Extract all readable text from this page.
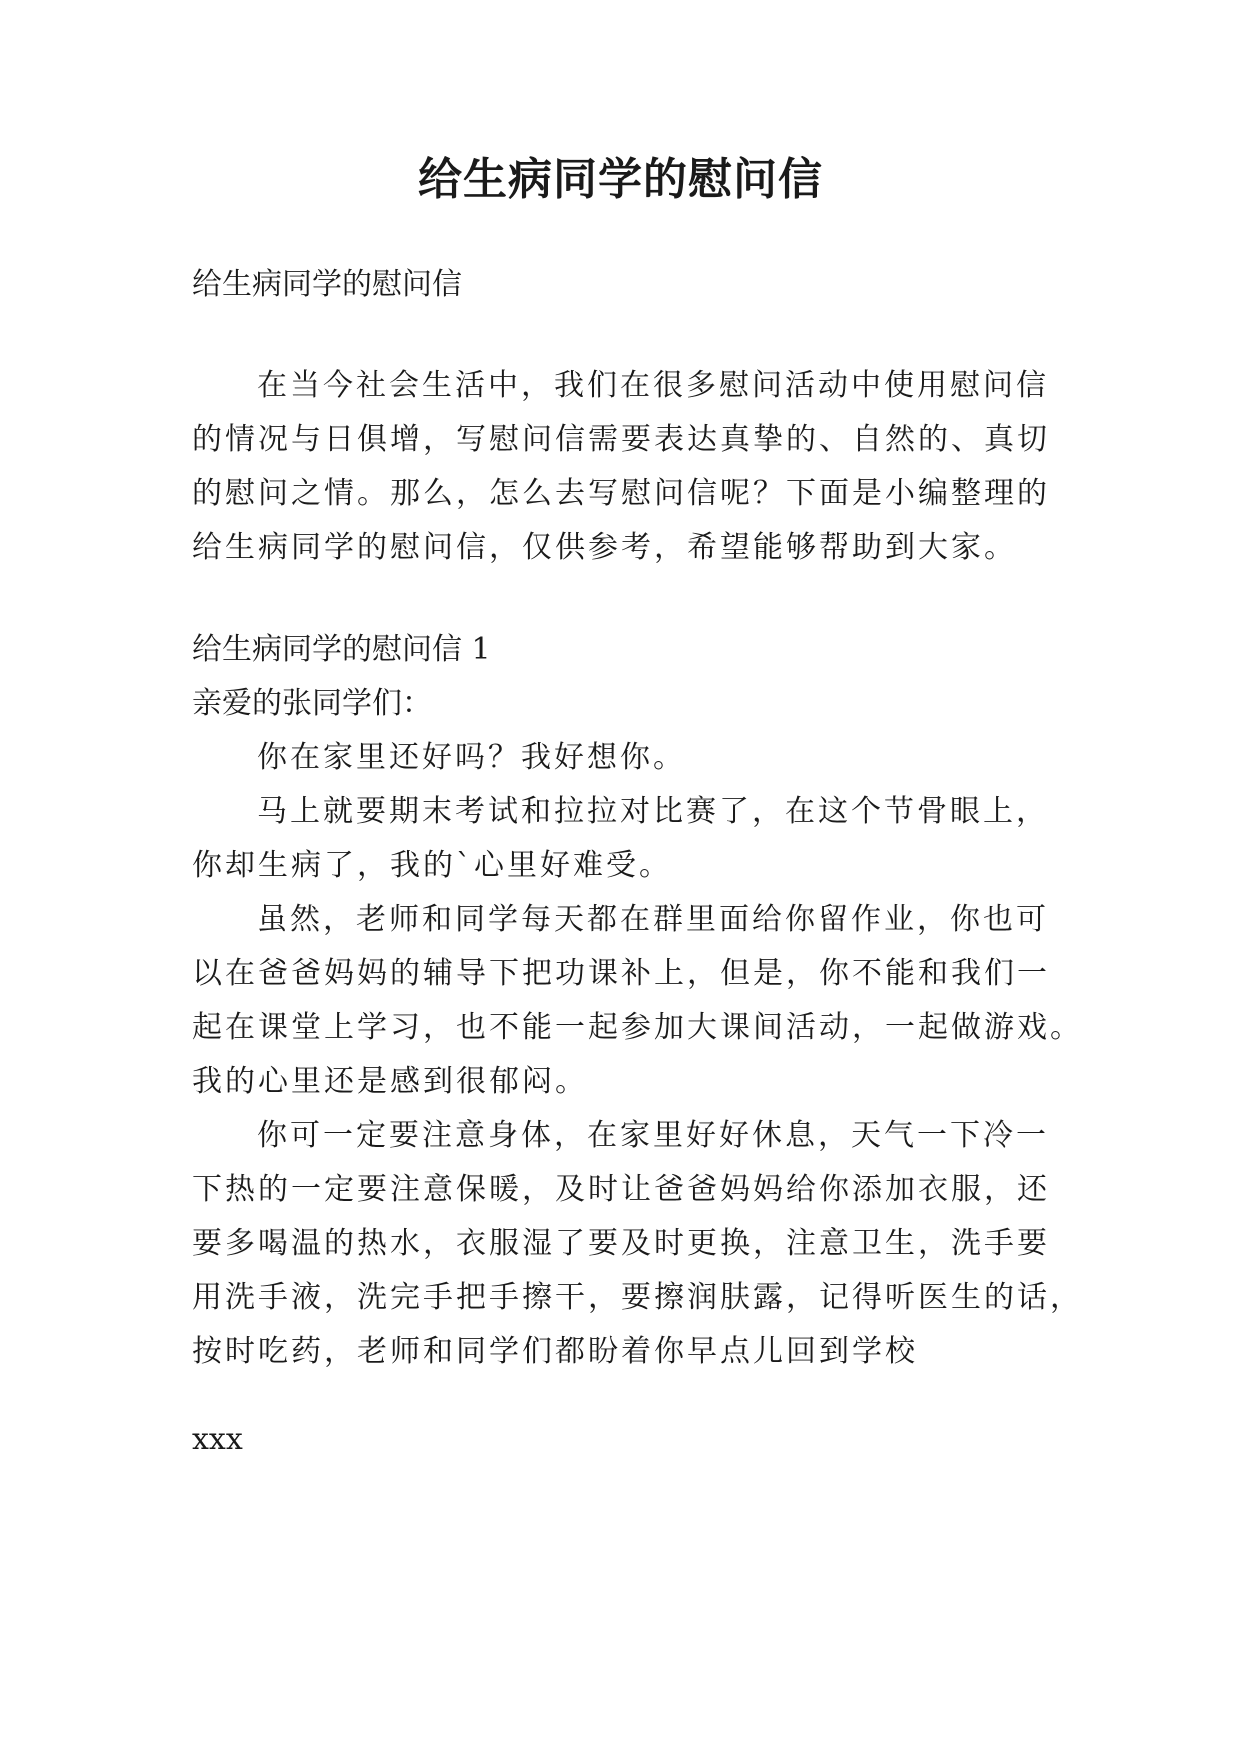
给生病同学的慰问信

给生病同学的慰问信

在当今社会生活中，我们在很多慰问活动中使用慰问信

的情况与日俱增，写慰问信需要表达真挚的、自然的、真切

的慰问之情。那么，怎么去写慰问信呢？下面是小编整理的

给生病同学的慰问信，仅供参考，希望能够帮助到大家。

给生病同学的慰问信 1

亲爱的张同学们：

你在家里还好吗？我好想你。

马上就要期末考试和拉拉对比赛了，在这个节骨眼上，

你却生病了，我的`心里好难受。

虽然，老师和同学每天都在群里面给你留作业，你也可

以在爸爸妈妈的辅导下把功课补上，但是，你不能和我们一

起在课堂上学习，也不能一起参加大课间活动，一起做游戏。

我的心里还是感到很郁闷。

你可一定要注意身体，在家里好好休息，天气一下冷一

下热的一定要注意保暖，及时让爸爸妈妈给你添加衣服，还

要多喝温的热水，衣服湿了要及时更换，注意卫生，洗手要

用洗手液，洗完手把手擦干，要擦润肤露，记得听医生的话，

按时吃药，老师和同学们都盼着你早点儿回到学校

xxx
